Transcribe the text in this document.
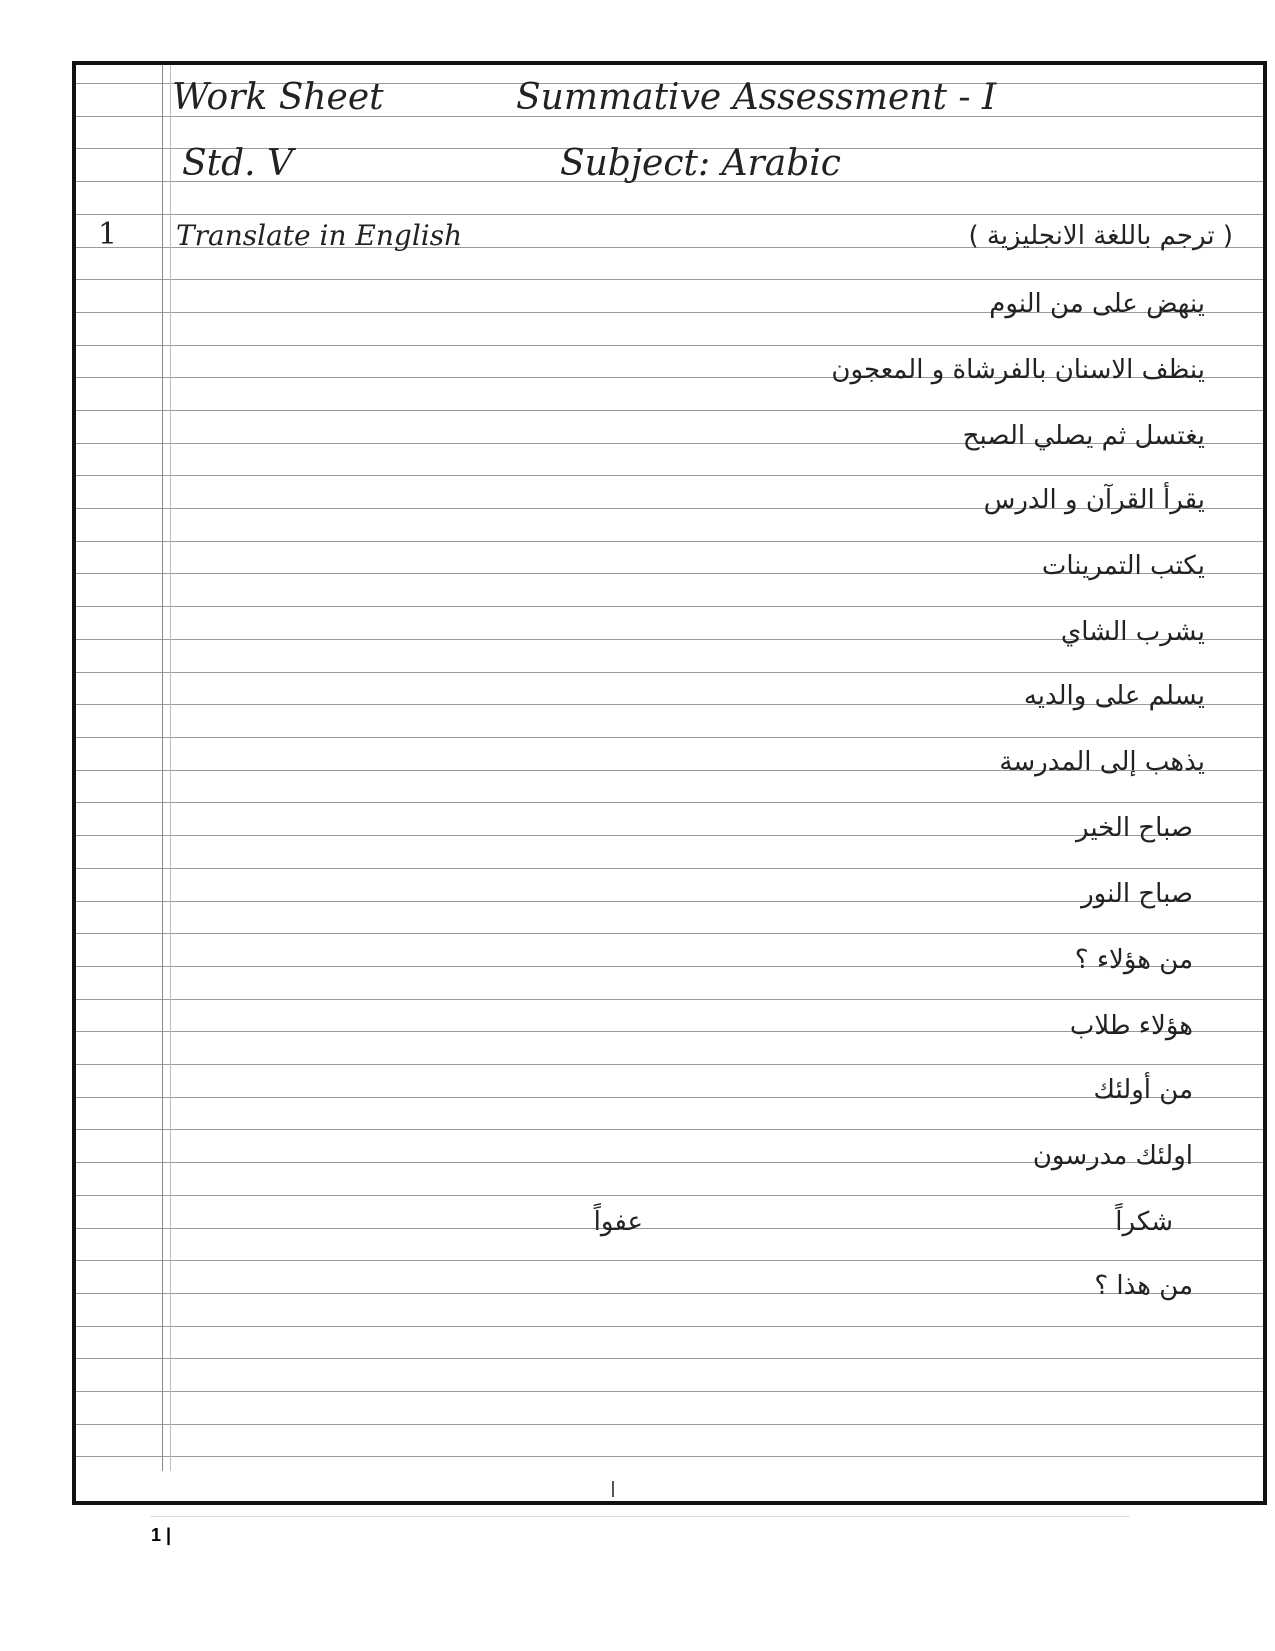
Work Sheet	Summative Assessment - I
Std. V	Subject: Arabic
1 Translate in English	( ترجم باللغة الانجليزية )
ينهض على من النوم
ينظف الاسنان بالفرشاة و المعجون
يغتسل ثم يصلي الصبح
يقرأ القرآن و الدرس
يكتب التمرينات
يشرب الشاي
يسلم على والديه
يذهب إلى المدرسة
صباح الخير
صباح النور
من هؤلاء ؟
هؤلاء طلاب
من أولئك
اولئك مدرسون
شكراً
عفواً
من هذا ؟
1 |
